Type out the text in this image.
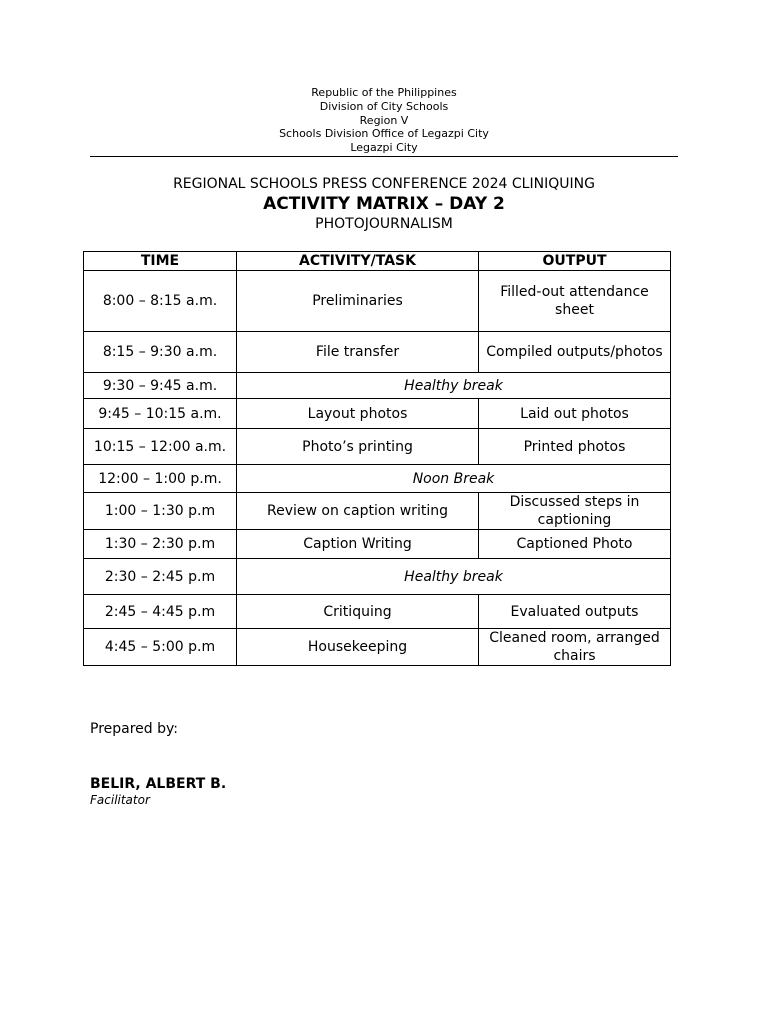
Republic of the Philippines
Division of City Schools
Region V
Schools Division Office of Legazpi City
Legazpi City
REGIONAL SCHOOLS PRESS CONFERENCE 2024 CLINIQUING
ACTIVITY MATRIX – DAY 2
PHOTOJOURNALISM
TIME	ACTIVITY/TASK	OUTPUT
8:00 – 8:15 a.m.	Preliminaries	Filled-out attendance sheet
8:15 – 9:30 a.m.	File transfer	Compiled outputs/photos
9:30 – 9:45 a.m.	Healthy break	
9:45 – 10:15 a.m.	Layout photos	Laid out photos
10:15 – 12:00 a.m.	Photo’s printing	Printed photos
12:00 – 1:00 p.m.	Noon Break	
1:00 – 1:30 p.m	Review on caption writing	Discussed steps in captioning
1:30 – 2:30 p.m	Caption Writing	Captioned Photo
2:30 – 2:45 p.m	Healthy break	
2:45 – 4:45 p.m	Critiquing	Evaluated outputs
4:45 – 5:00 p.m	Housekeeping	Cleaned room, arranged chairs
Prepared by:
BELIR, ALBERT B.
Facilitator
